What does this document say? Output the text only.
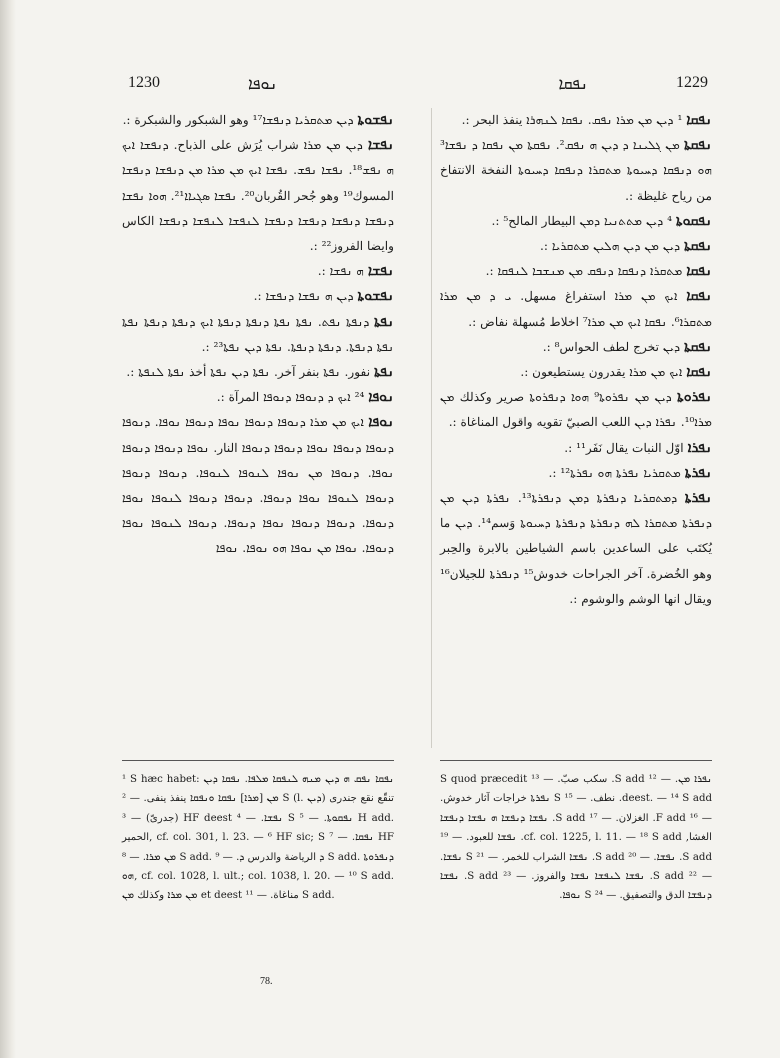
1230	ܢܘܦܐ	ܢܦܩܐ	1229

ܢܦܩܐ ¹ ܕܝܢ ܡܢ ܡܪܐ ܢܦܩ. ܢܦܩܐ ܠܢܗܪܐ ينفذ البحر :.

ܢܦܩܬܐ ܡܢ ܓܠܝܢܐ ܕ ܕܝܢ ܗ ܢܦܩ². ܢܦܩܬܐ ܡܢ ܢܦܩܐ ܕ ܢܦܫܐ³ ܗܘ ܕܢܦܩܐ ܕܚܝܘܬܐ ܡܬܩܪܐ ܕܢܦܩܐ ܕܚܝܘܬܐ النفخة الانتفاخ من رياح غليظة :.

ܢܦܩܘܬܐ ⁴ ܕܝܢ ܡܬܬܢܝܐ ܕܡܢ البيطار المالح⁵ :.

ܢܦܩܬܐ ܕܝܢ ܡܢ ܕܝܢ ܗܠܝܢ ܡܬܩܪܝܐ :.

ܢܦܩܐ ܡܬܩܪܐ ܕܢܦܩܐ ܕܢܦܩ ܡܢ ܡܢܫܒܐ ܠܢܦܩܐ :.

ܢܦܩܐ ܐܝܟ ܡܢ ܡܪܐ استفراغ مسهل. ܝ ܕ ܡܢ ܡܪܐ ܡܬܩܪܐ⁶. ܢܦܩܐ ܐܝܟ ܡܢ ܡܪܐ⁷ اخلاط مُسهلة نفاض :.

ܢܦܩܬܐ ܕܝܢ تخرج لطف الحواس⁸ :.

ܢܦܩܐ ܐܝܟ ܡܢ ܡܪܐ يقدرون يستطيعون :.

ܢܦܪܘܬܐ ܕܝܢ ܡܢ ܢܦܪܘܬܐ⁹ ܗܘܐ ܕܢܦܪܘܬܐ صرير وكذلك ܡܢ ܡܪܐ¹⁰. ܢܦܪܐ ܕܝܢ اللعب الصبيّ تقويه واقول المناغاة :.

ܢܦܪܐ اوّل النبات يقال نَفَر¹¹ :.

ܢܦܪܬܐ ܡܬܩܪܝܐ ܢܦܪܬܐ ܗܘ ܢܦܪܬܐ¹² :.

ܢܦܪܬܐ ܕܡܬܩܪܝܐ ܕܢܦܪܬܐ ܕܡܢ ܕܢܦܪܬܐ¹³. ܢܦܪܬܐ ܕܝܢ ܡܢ ܕܢܦܪܬܐ ܡܬܩܪܐ ܠܗ ܕܢܦܪܬܐ ܕܢܦܪܬܐ ܕܚܝܘܬܐ وَسم¹⁴. ܕܝܢ ما يُكتَب على الساعدين باسم الشياطين بالابرة والحِبر وهو الخُضرة. آخر الجراحات خدوش¹⁵ ܕܢܦܪܬܐ للجيلان¹⁶ ويقال انها الوشم والوشوم :.

ܢܦܫܘܬܐ ܕܝܢ ܡܬܩܪܝܐ ܕܢܦܫܐ¹⁷ وهو الشبكور والشبكرة :.

ܢܦܫܐ ܕܝܢ ܡܢ ܡܪܐ شراب يُرَش على الذباح. ܕܢܦܫܐ ܐܝܟ ܗ ܢܦܫ¹⁸. ܢܦܫܐ ܢܦܫ. ܢܦܫܐ ܐܝܟ ܡܢ ܡܪܐ ܡܢ ܕܢܦܫܐ ܕܢܦܫܐ المسوك¹⁹ وهو جُحر القُربان²⁰. ܢܦܫܐ ܣܓܝܐܐ²¹. ܗܘܐ ܢܦܫܐ ܕܢܦܫܐ ܕܢܦܫܐ ܕܢܦܫܐ ܕܢܦܫܐ ܠܢܦܫܐ ܠܢܦܫܐ ܕܢܦܫܐ الكاس وايضا الفروز²² :.

ܢܦܫܐ ܗ ܢܦܫܐ :.

ܢܦܫܘܬܐ ܕܝܢ ܗ ܢܦܫܐ ܕܢܦܫܐ :.

ܢܦܬܐ ܕܢܦܬܐ ܢܦܬ. ܢܦܬܐ ܢܦܬܐ ܕܢܦܬܐ ܕܢܦܬܐ ܐܝܟ ܕܢܦܬܐ ܕܢܦܬܐ ܢܦܬܐ ܢܦܬܐ ܕܢܦܬܐ. ܕܢܦܬܐ ܕܢܦܬܐ. ܢܦܬܐ ܕܝܢ ܢܦܬܐ²³ :.

ܢܦܬܐ نفور. ܢܦܬܐ بنفر آخر. ܢܦܬܐ ܕܝܢ ܢܦܬܐ أخذ ܢܦܬܐ ܠܢܦܬܐ :.

ܢܘܦܐ ²⁴ ܐܝܟ ܕ ܕܢܘܦܐ ܕܢܘܦܐ المرآة :.

ܢܘܦܐ ܐܝܟ ܡܢ ܡܪܐ ܕܢܘܦܐ ܕܢܘܦܐ ܢܘܦܐ ܕܢܘܦܐ ܢܘܦܐ. ܕܢܘܦܐ ܕܢܘܦܐ ܕܢܘܦܐ ܢܘܦܐ ܕܢܘܦܐ ܕܢܘܦܐ النار. ܢܘܦܐ ܕܢܘܦܐ ܕܢܘܦܐ ܢܘܦܐ. ܕܢܘܦܐ ܡܢ ܢܘܦܐ ܠܢܘܦܐ ܠܢܘܦܐ. ܕܢܘܦܐ ܕܢܘܦܐ ܕܢܘܦܐ ܠܢܘܦܐ ܢܘܦܐ ܕܢܘܦܐ. ܕܢܘܦܐ ܕܢܘܦܐ ܠܢܘܦܐ ܢܘܦܐ ܕܢܘܦܐ. ܕܢܘܦܐ ܕܢܘܦܐ ܢܘܦܐ ܕܢܘܦܐ. ܕܢܘܦܐ ܠܢܘܦܐ ܢܘܦܐ ܕܢܘܦܐ. ܢܘܦܐ ܡܢ ܢܘܦܐ ܗܘ ܢܘܦܐ. ܢܘܦܐ

¹ S hæc habet: ܢܦܩܐ ܢܦܩ ܗ ܕܝܢ ܡܢܗ ܠܢܦܩܐ ܡܠܦܐ. ܢܦܩܐ ܕܝܢ ܡܢ [ܡܪܐ] ܢܦܩܐ ܘܢܦܩܐ ينفذ ينفى. — ² S (l. ܕܝܢ) تنقّع نقع جندرى (جدرىّ) — ³ HF deest ܢܦܫܐ. — ⁴ S ܢܦܩܘܬܐ. — ⁵ H add. الحمير, cf. col. 301, l. 23. — ⁶ HF sic; S ܢܦܩܐ. — ⁷ HF ܡܢ ܡܪܐ. — ⁸ S add. ܕ الرياضة والدرس ܕ. — ⁹ S add. ܕܢܦܪܘܬܐ ܗܘ, cf. col. 1028, l. ult.; col. 1038, l. 20. — ¹⁰ S add. ܡܢ ܡܪܐ وكذلك ܡܢ et deest مناغاة. — ¹¹ S add.

ܢܦܪܐ ܡܢ. — ¹² S add. سكب صبّ. — ¹³ S quod præcedit deest. — ¹⁴ S add. نطف. — ¹⁵ S ܢܦܪܬܐ خراجات آثار خدوش. — ¹⁶ F add. الغزلان. — ¹⁷ S add. ܢܦܫܐ ܕܢܦܫܐ ܗ ܢܦܫܐ ܕܢܦܫܐ الغشا, cf. col. 1225, l. 11. — ¹⁸ S add. ܢܦܫܐ للعبود. — ¹⁹ S add. ܢܦܫܐ. — ²⁰ S add. ܢܦܫܐ الشراب للخمر. — ²¹ S ܢܦܫܐ. — ²² S add. ܢܦܫܐ ܠܢܦܫܐ ܢܦܫܐ والفروز. — ²³ S add. ܢܦܫܐ ܕܢܦܫܐ الدق والتصفيق. — ²⁴ S ܢܘܦܐ.

78.
